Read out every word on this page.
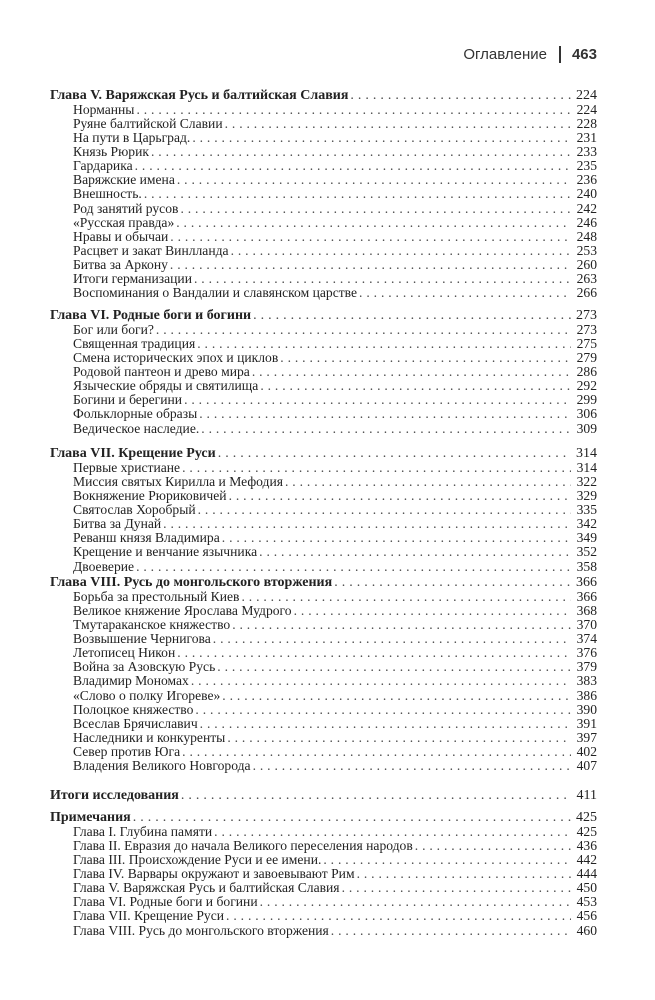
Оглавление 463
Глава V. Варяжская Русь и балтийская Славия . . .	224
Норманны . . .	224
Руяне балтийской Славии . . .	228
На пути в Царьград. . . .	231
Князь Рюрик . . .	233
Гардарика . . .	235
Варяжские имена . . .	236
Внешность. . . .	240
Род занятий русов . . .	242
«Русская правда» . . .	246
Нравы и обычаи . . .	248
Расцвет и закат Винлланда . . .	253
Битва за Аркону . . .	260
Итоги германизации . . .	263
Воспоминания о Вандалии и славянском царстве . . .	266
Глава VI. Родные боги и богини . . .	273
Бог или боги? . . .	273
Священная традиция . . .	275
Смена исторических эпох и циклов . . .	279
Родовой пантеон и древо мира . . .	286
Языческие обряды и святилища . . .	292
Богини и берегини . . .	299
Фольклорные образы . . .	306
Ведическое наследие. . . .	309
Глава VII. Крещение Руси . . .	314
Первые христиане . . .	314
Миссия святых Кирилла и Мефодия . . .	322
Вокняжение Рюриковичей . . .	329
Святослав Хоробрый . . .	335
Битва за Дунай . . .	342
Реванш князя Владимира . . .	349
Крещение и венчание язычника . . .	352
Двоеверие . . .	358
Глава VIII. Русь до монгольского вторжения . . .	366
Борьба за престольный Киев . . .	366
Великое княжение Ярослава Мудрого . . .	368
Тмутараканское княжество . . .	370
Возвышение Чернигова . . .	374
Летописец Никон . . .	376
Война за Азовскую Русь . . .	379
Владимир Мономах . . .	383
«Слово о полку Игореве» . . .	386
Полоцкое княжество . . .	390
Всеслав Брячиславич . . .	391
Наследники и конкуренты . . .	397
Север против Юга . . .	402
Владения Великого Новгорода . . .	407
Итоги исследования . . .	411
Примечания . . .	425
Глава I. Глубина памяти . . .	425
Глава II. Евразия до начала Великого переселения народов . . .	436
Глава III. Происхождение Руси и ее имени. . . .	442
Глава IV. Варвары окружают и завоевывают Рим . . .	444
Глава V. Варяжская Русь и балтийская Славия . . .	450
Глава VI. Родные боги и богини . . .	453
Глава VII. Крещение Руси . . .	456
Глава VIII. Русь до монгольского вторжения . . .	460
